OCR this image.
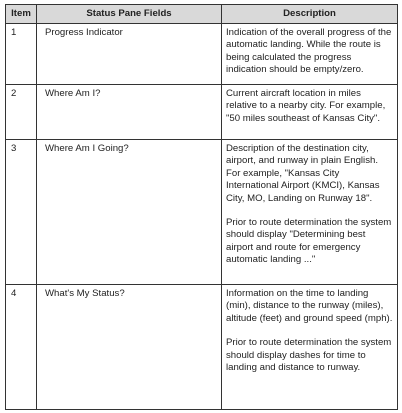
Item	Status Pane Fields	Description
1	Progress Indicator	Indication of the overall progress of the automatic landing. While the route is being calculated the progress indication should be empty/zero.

2	Where Am I?	Current aircraft location in miles relative to a nearby city. For example, "50 miles southeast of Kansas City".

3	Where Am I Going?	Description of the destination city, airport, and runway in plain English. For example, "Kansas City International Airport (KMCI), Kansas City, MO, Landing on Runway 18".
Prior to route determination the system should display "Determining best airport and route for emergency automatic landing ..."

4	What's My Status?	Information on the time to landing (min), distance to the runway (miles), altitude (feet) and ground speed (mph).
Prior to route determination the system should display dashes for time to landing and distance to runway.
